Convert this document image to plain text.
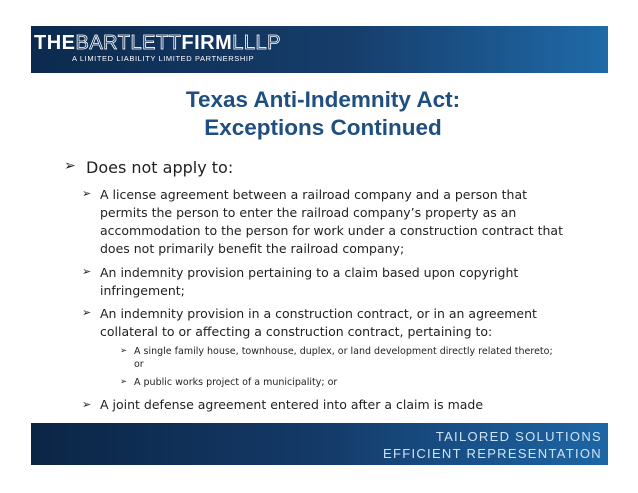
THEBARTLETTFIRMLLLP
A LIMITED LIABILITY LIMITED PARTNERSHIP
Texas Anti-Indemnity Act:
Exceptions Continued
➢ Does not apply to:
➢ A license agreement between a railroad company and a person that
permits the person to enter the railroad company’s property as an
accommodation to the person for work under a construction contract that
does not primarily benefit the railroad company;
➢ An indemnity provision pertaining to a claim based upon copyright
infringement;
➢ An indemnity provision in a construction contract, or in an agreement
collateral to or affecting a construction contract, pertaining to:
➢ A single family house, townhouse, duplex, or land development directly related thereto;
or
➢ A public works project of a municipality; or
➢ A joint defense agreement entered into after a claim is made
TAILORED SOLUTIONS
EFFICIENT REPRESENTATION
